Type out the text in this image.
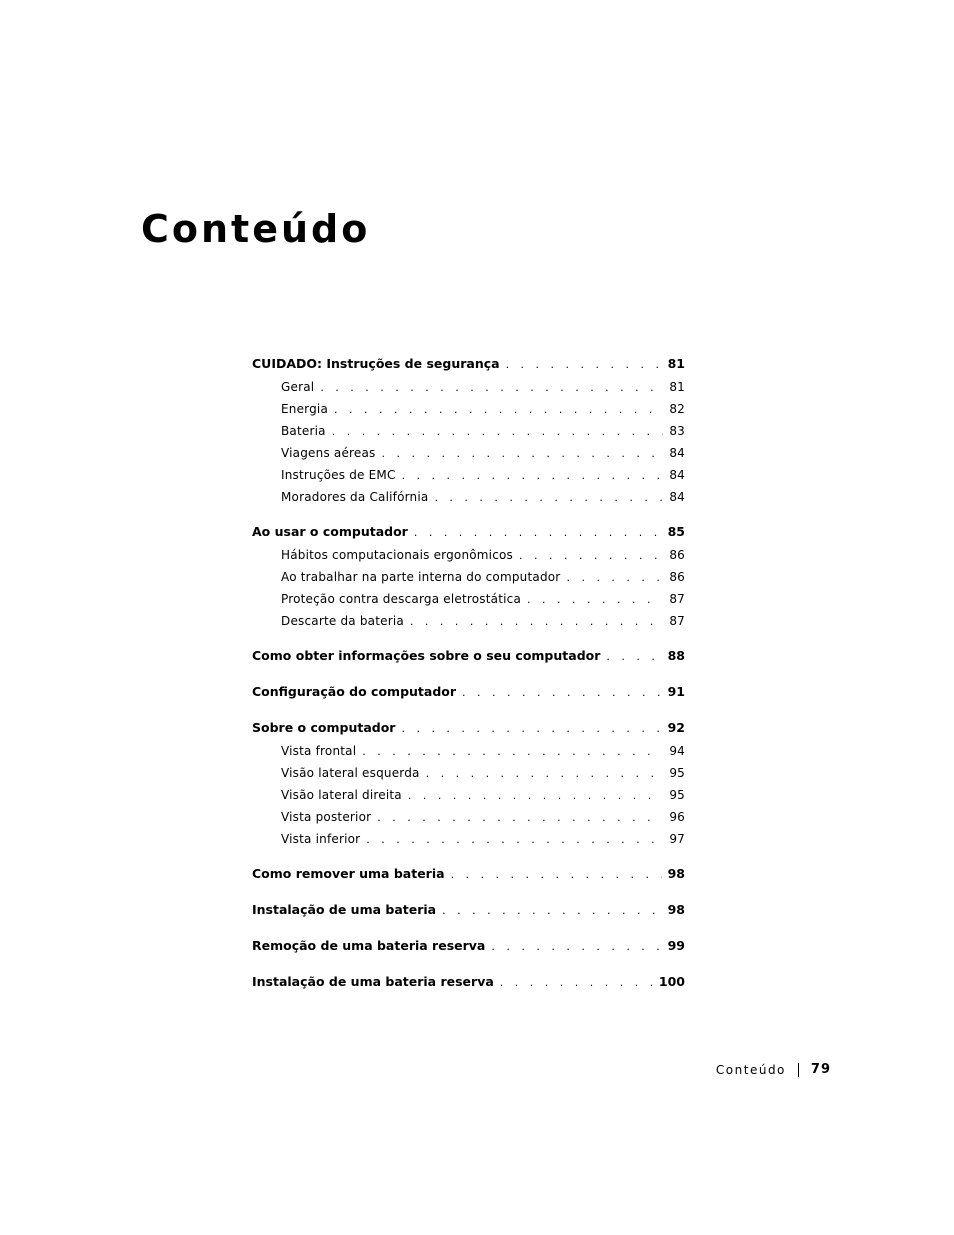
Conteúdo
CUIDADO: Instruções de segurança . . .	81
Geral . . .	81
Energia . . .	82
Bateria . . .	83
Viagens aéreas . . .	84
Instruções de EMC . . .	84
Moradores da Califórnia . . .	84
Ao usar o computador . . .	85
Hábitos computacionais ergonômicos . . .	86
Ao trabalhar na parte interna do computador . . .	86
Proteção contra descarga eletrostática . . .	87
Descarte da bateria . . .	87
Como obter informações sobre o seu computador . . .	88
Configuração do computador . . .	91
Sobre o computador . . .	92
Vista frontal . . .	94
Visão lateral esquerda . . .	95
Visão lateral direita . . .	95
Vista posterior . . .	96
Vista inferior . . .	97
Como remover uma bateria . . .	98
Instalação de uma bateria . . .	98
Remoção de uma bateria reserva . . .	99
Instalação de uma bateria reserva . . .	100
Conteúdo 79
